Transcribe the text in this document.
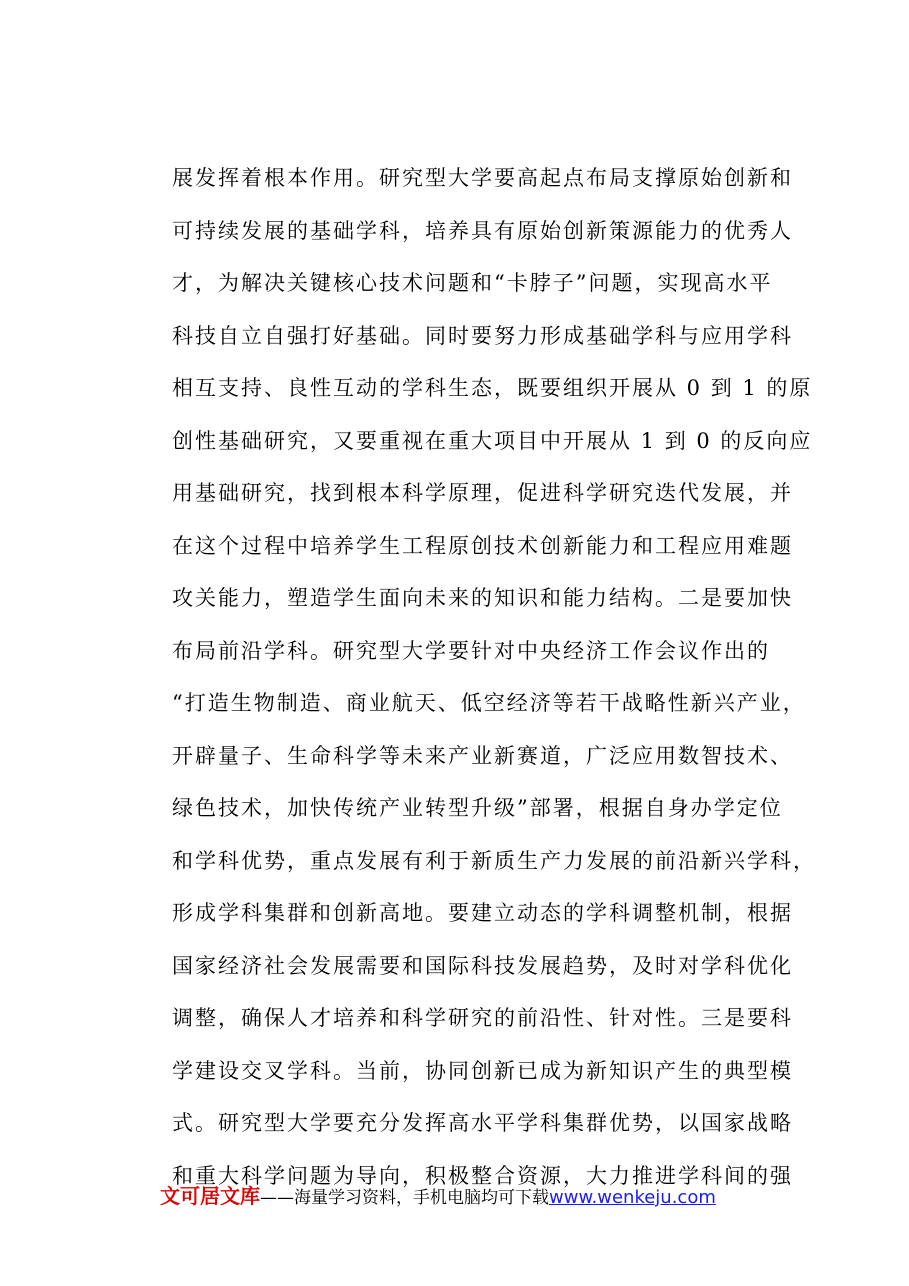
展发挥着根本作用。研究型大学要高起点布局支撑原始创新和
可持续发展的基础学科，培养具有原始创新策源能力的优秀人
才，为解决关键核心技术问题和“卡脖子”问题，实现高水平
科技自立自强打好基础。同时要努力形成基础学科与应用学科
相互支持、良性互动的学科生态，既要组织开展从 0 到 1 的原
创性基础研究，又要重视在重大项目中开展从 1 到 0 的反向应
用基础研究，找到根本科学原理，促进科学研究迭代发展，并
在这个过程中培养学生工程原创技术创新能力和工程应用难题
攻关能力，塑造学生面向未来的知识和能力结构。二是要加快
布局前沿学科。研究型大学要针对中央经济工作会议作出的
“打造生物制造、商业航天、低空经济等若干战略性新兴产业，
开辟量子、生命科学等未来产业新赛道，广泛应用数智技术、
绿色技术，加快传统产业转型升级”部署，根据自身办学定位
和学科优势，重点发展有利于新质生产力发展的前沿新兴学科，
形成学科集群和创新高地。要建立动态的学科调整机制，根据
国家经济社会发展需要和国际科技发展趋势，及时对学科优化
调整，确保人才培养和科学研究的前沿性、针对性。三是要科
学建设交叉学科。当前，协同创新已成为新知识产生的典型模
式。研究型大学要充分发挥高水平学科集群优势，以国家战略
和重大科学问题为导向，积极整合资源，大力推进学科间的强
文可居文库——海量学习资料，手机电脑均可下载www.wenkeju.com
